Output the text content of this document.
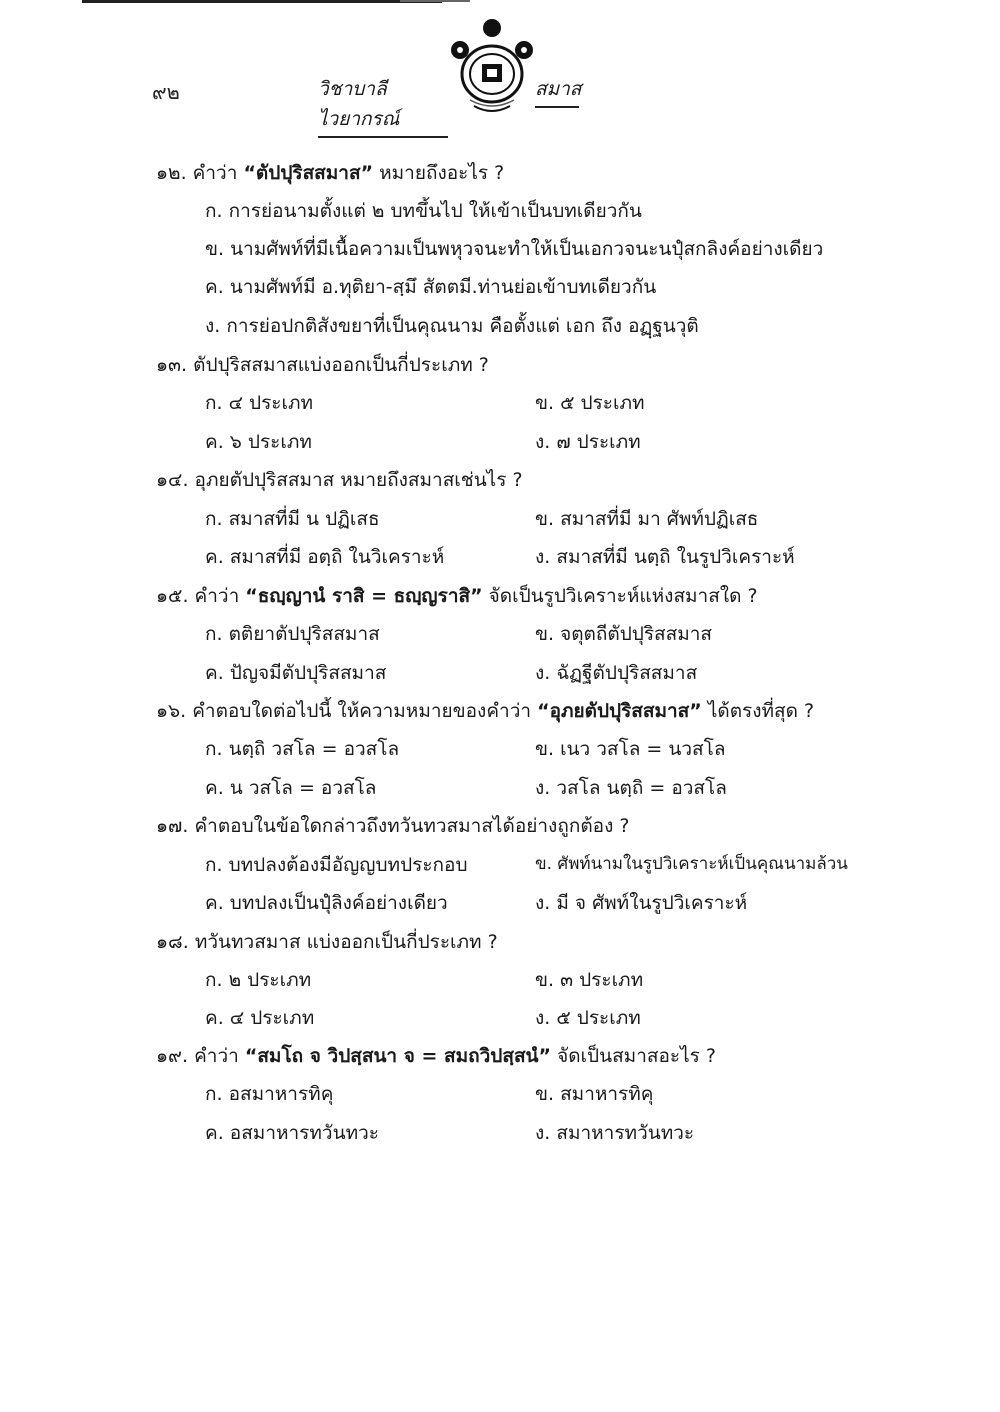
๙๒	วิชาบาลีไวยากรณ์
สมาส
๑๒. คำว่า “ตัปปุริสสมาส” หมายถึงอะไร ?
ก. การย่อนามตั้งแต่ ๒ บทขึ้นไป ให้เข้าเป็นบทเดียวกัน
ข. นามศัพท์ที่มีเนื้อความเป็นพหุวจนะทำให้เป็นเอกวจนะนปุํสกลิงค์อย่างเดียว
ค. นามศัพท์มี อ.ทุติยา-สฺมึ สัตตมี.ท่านย่อเข้าบทเดียวกัน
ง. การย่อปกติสังขยาที่เป็นคุณนาม คือตั้งแต่ เอก ถึง อฏฺฐนวุติ
๑๓. ตัปปุริสสมาสแบ่งออกเป็นกี่ประเภท ?
ก. ๔ ประเภท	ข. ๕ ประเภท
ค. ๖ ประเภท	ง. ๗ ประเภท
๑๔. อุภยตัปปุริสสมาส หมายถึงสมาสเช่นไร ?
ก. สมาสที่มี น ปฏิเสธ	ข. สมาสที่มี มา ศัพท์ปฏิเสธ
ค. สมาสที่มี อตฺถิ ในวิเคราะห์	ง. สมาสที่มี นตฺถิ ในรูปวิเคราะห์
๑๕. คำว่า “ธญฺญานํ ราสิ = ธญฺญราสิ” จัดเป็นรูปวิเคราะห์แห่งสมาสใด ?
ก. ตติยาตัปปุริสสมาส	ข. จตุตถีตัปปุริสสมาส
ค. ปัญจมีตัปปุริสสมาส	ง. ฉัฏฐีตัปปุริสสมาส
๑๖. คำตอบใดต่อไปนี้ ให้ความหมายของคำว่า “อุภยตัปปุริสสมาส” ได้ตรงที่สุด ?
ก. นตฺถิ วสโล = อวสโล	ข. เนว วสโล = นวสโล
ค. น วสโล = อวสโล	ง. วสโล นตฺถิ = อวสโล
๑๗. คำตอบในข้อใดกล่าวถึงทวันทวสมาสได้อย่างถูกต้อง ?
ก. บทปลงต้องมีอัญญบทประกอบ	ข. ศัพท์นามในรูปวิเคราะห์เป็นคุณนามล้วน
ค. บทปลงเป็นปุํลิงค์อย่างเดียว	ง. มี จ ศัพท์ในรูปวิเคราะห์
๑๘. ทวันทวสมาส แบ่งออกเป็นกี่ประเภท ?
ก. ๒ ประเภท	ข. ๓ ประเภท
ค. ๔ ประเภท	ง. ๕ ประเภท
๑๙. คำว่า “สมโถ จ วิปสฺสนา จ = สมถวิปสฺสนํ” จัดเป็นสมาสอะไร ?
ก. อสมาหารทิคุ	ข. สมาหารทิคุ
ค. อสมาหารทวันทวะ	ง. สมาหารทวันทวะ
